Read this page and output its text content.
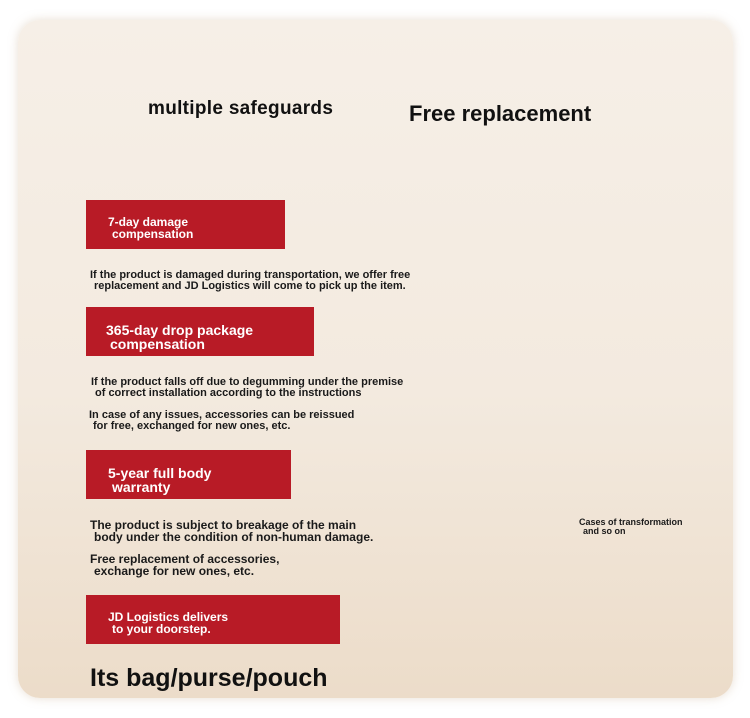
multiple safeguards	Free replacement
7-day damage
compensation
If the product is damaged during transportation, we offer free
replacement and JD Logistics will come to pick up the item.
365-day drop package
compensation
If the product falls off due to degumming under the premise
of correct installation according to the instructions
In case of any issues, accessories can be reissued
for free, exchanged for new ones, etc.
5-year full body
warranty
The product is subject to breakage of the main
body under the condition of non-human damage.
Free replacement of accessories,
exchange for new ones, etc.
Cases of transformation
and so on
JD Logistics delivers
to your doorstep.
Its bag/purse/pouch
